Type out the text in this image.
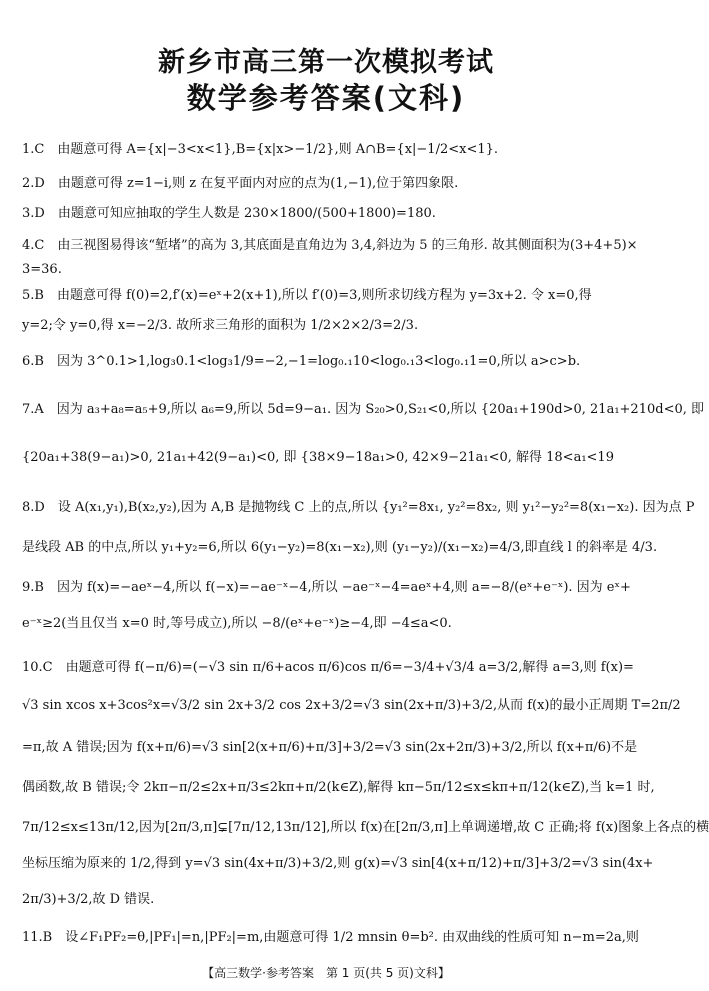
新乡市高三第一次模拟考试
数学参考答案(文科)
1.C　由题意可得 A={x|−3<x<1},B={x|x>−1/2},则 A∩B={x|−1/2<x<1}.
2.D　由题意可得 z=1−i,则 z 在复平面内对应的点为(1,−1),位于第四象限.
3.D　由题意可知应抽取的学生人数是 230×1800/(500+1800)=180.
4.C　由三视图易得该“堑堵”的高为 3,其底面是直角边为 3,4,斜边为 5 的三角形. 故其侧面积为(3+4+5)×
3=36.
5.B　由题意可得 f(0)=2,f′(x)=eˣ+2(x+1),所以 f′(0)=3,则所求切线方程为 y=3x+2. 令 x=0,得
y=2;令 y=0,得 x=−2/3. 故所求三角形的面积为 1/2×2×2/3=2/3.
6.B　因为 3^0.1>1,log₃0.1<log₃1/9=−2,−1=log₀.₁10<log₀.₁3<log₀.₁1=0,所以 a>c>b.
7.A　因为 a₃+a₈=a₅+9,所以 a₆=9,所以 5d=9−a₁. 因为 S₂₀>0,S₂₁<0,所以 {20a₁+190d>0, 21a₁+210d<0, 即
{20a₁+38(9−a₁)>0, 21a₁+42(9−a₁)<0, 即 {38×9−18a₁>0, 42×9−21a₁<0, 解得 18<a₁<19
8.D　设 A(x₁,y₁),B(x₂,y₂),因为 A,B 是抛物线 C 上的点,所以 {y₁²=8x₁, y₂²=8x₂, 则 y₁²−y₂²=8(x₁−x₂). 因为点 P
是线段 AB 的中点,所以 y₁+y₂=6,所以 6(y₁−y₂)=8(x₁−x₂),则 (y₁−y₂)/(x₁−x₂)=4/3,即直线 l 的斜率是 4/3.
9.B　因为 f(x)=−aeˣ−4,所以 f(−x)=−ae⁻ˣ−4,所以 −ae⁻ˣ−4=aeˣ+4,则 a=−8/(eˣ+e⁻ˣ). 因为 eˣ+
e⁻ˣ≥2(当且仅当 x=0 时,等号成立),所以 −8/(eˣ+e⁻ˣ)≥−4,即 −4≤a<0.
10.C　由题意可得 f(−π/6)=(−√3 sin π/6+acos π/6)cos π/6=−3/4+√3/4 a=3/2,解得 a=3,则 f(x)=
√3 sin xcos x+3cos²x=√3/2 sin 2x+3/2 cos 2x+3/2=√3 sin(2x+π/3)+3/2,从而 f(x)的最小正周期 T=2π/2
=π,故 A 错误;因为 f(x+π/6)=√3 sin[2(x+π/6)+π/3]+3/2=√3 sin(2x+2π/3)+3/2,所以 f(x+π/6)不是
偶函数,故 B 错误;令 2kπ−π/2≤2x+π/3≤2kπ+π/2(k∈Z),解得 kπ−5π/12≤x≤kπ+π/12(k∈Z),当 k=1 时,
7π/12≤x≤13π/12,因为[2π/3,π]⊊[7π/12,13π/12],所以 f(x)在[2π/3,π]上单调递增,故 C 正确;将 f(x)图象上各点的横
坐标压缩为原来的 1/2,得到 y=√3 sin(4x+π/3)+3/2,则 g(x)=√3 sin[4(x+π/12)+π/3]+3/2=√3 sin(4x+
2π/3)+3/2,故 D 错误.
11.B　设∠F₁PF₂=θ,|PF₁|=n,|PF₂|=m,由题意可得 1/2 mnsin θ=b². 由双曲线的性质可知 n−m=2a,则
【高三数学·参考答案　第 1 页(共 5 页)文科】
